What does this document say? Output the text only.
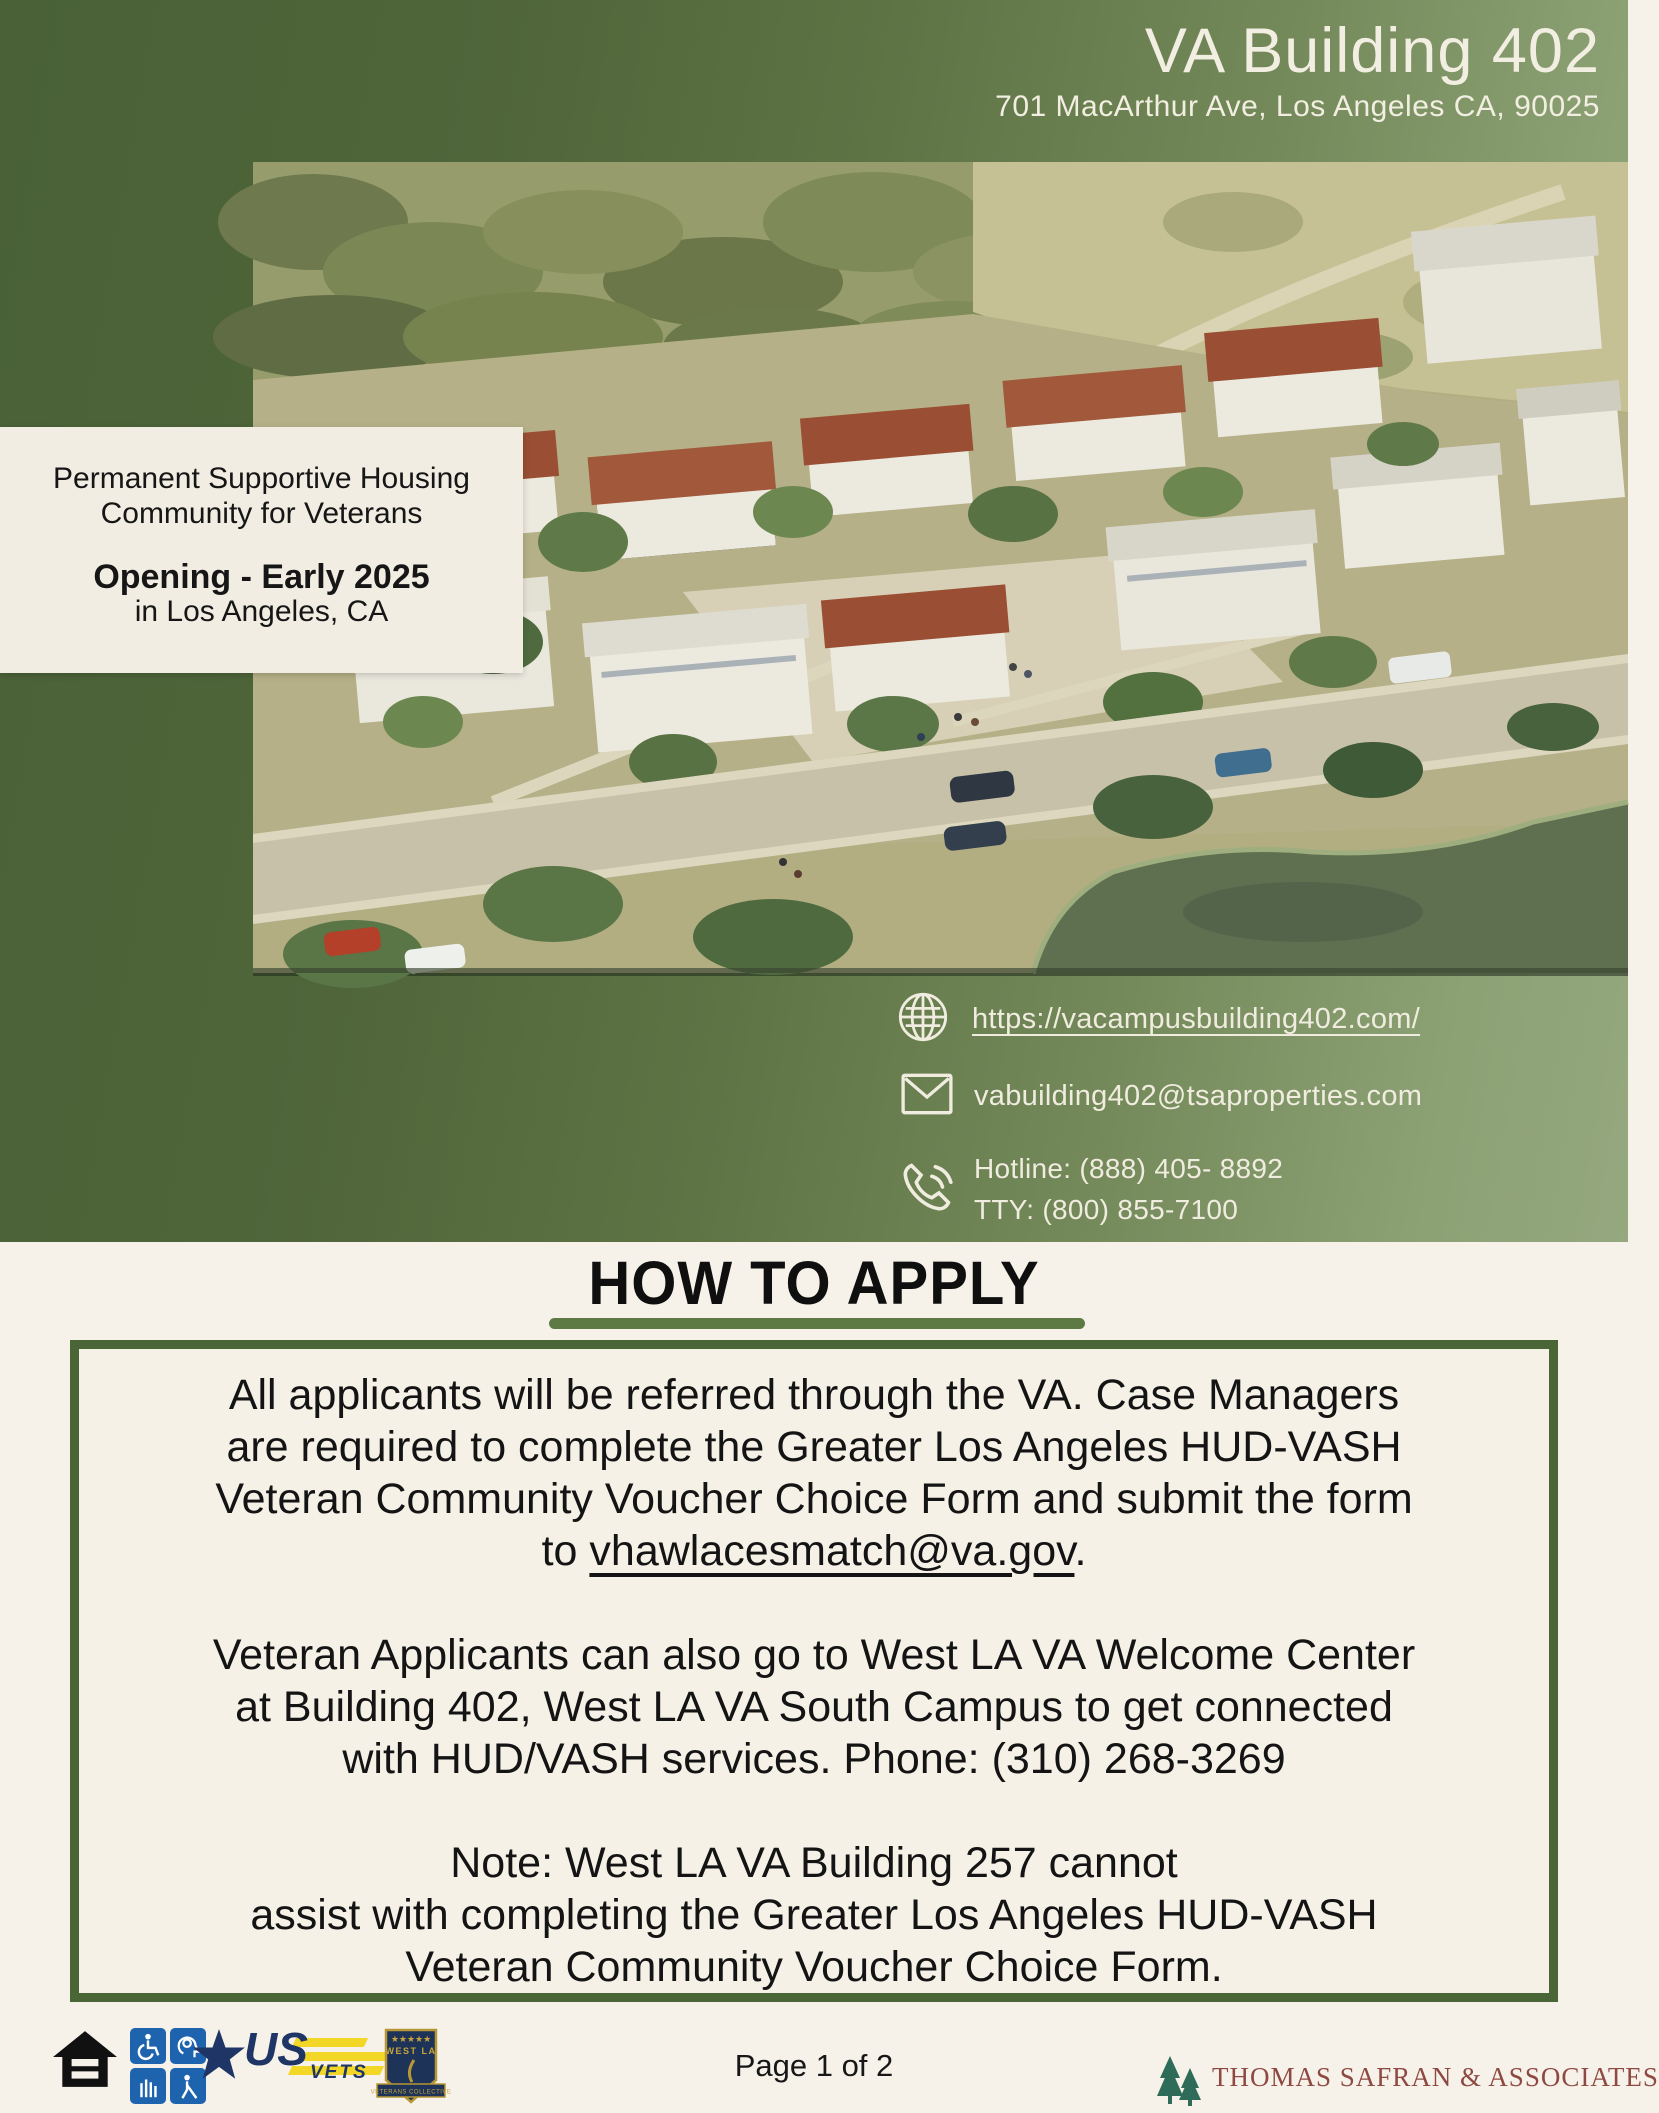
VA Building 402
701 MacArthur Ave, Los Angeles CA, 90025
Permanent Supportive Housing
Community for Veterans
Opening - Early 2025
in Los Angeles, CA
https://vacampusbuilding402.com/
vabuilding402@tsaproperties.com
Hotline: (888) 405- 8892
TTY: (800) 855-7100
HOW TO APPLY

All applicants will be referred through the VA. Case Managers
are required to complete the Greater Los Angeles HUD-VASH
Veteran Community Voucher Choice Form and submit the form
to vhawlacesmatch@va.gov.

Veteran Applicants can also go to West LA VA Welcome Center
at Building 402, West LA VA South Campus to get connected
with HUD/VASH services. Phone: (310) 268-3269

Note: West LA VA Building 257 cannot
assist with completing the Greater Los Angeles HUD-VASH
Veteran Community Voucher Choice Form.

US VETS
★★★★★
WEST LA
VETERANS COLLECTIVE
Page 1 of 2	THOMAS SAFRAN & ASSOCIATES
